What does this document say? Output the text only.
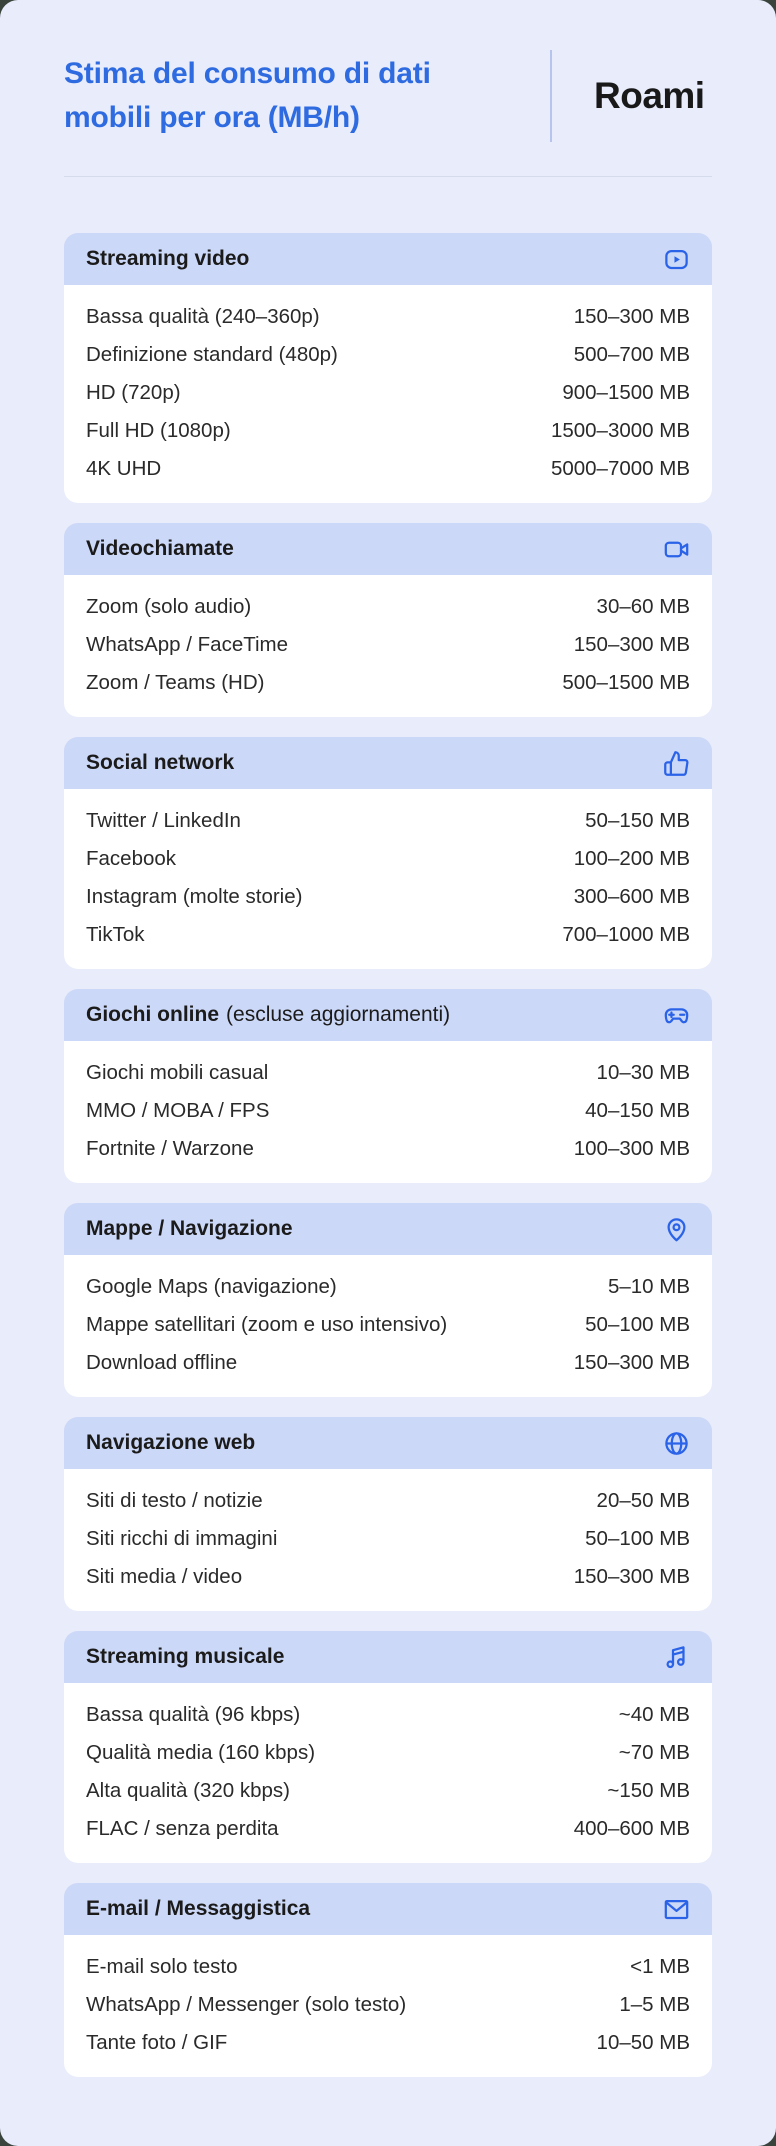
Stima del consumo di dati mobili per ora (MB/h)
Roami
Streaming video
Bassa qualità (240–360p)	150–300 MB
Definizione standard (480p)	500–700 MB
HD (720p)	900–1500 MB
Full HD (1080p)	1500–3000 MB
4K UHD	5000–7000 MB
Videochiamate
Zoom (solo audio)	30–60 MB
WhatsApp / FaceTime	150–300 MB
Zoom / Teams (HD)	500–1500 MB
Social network
Twitter / LinkedIn	50–150 MB
Facebook	100–200 MB
Instagram (molte storie)	300–600 MB
TikTok	700–1000 MB
Giochi online (escluse aggiornamenti)
Giochi mobili casual	10–30 MB
MMO / MOBA / FPS	40–150 MB
Fortnite / Warzone	100–300 MB
Mappe / Navigazione
Google Maps (navigazione)	5–10 MB
Mappe satellitari (zoom e uso intensivo)	50–100 MB
Download offline	150–300 MB
Navigazione web
Siti di testo / notizie	20–50 MB
Siti ricchi di immagini	50–100 MB
Siti media / video	150–300 MB
Streaming musicale
Bassa qualità (96 kbps)	~40 MB
Qualità media (160 kbps)	~70 MB
Alta qualità (320 kbps)	~150 MB
FLAC / senza perdita	400–600 MB
E-mail / Messaggistica
E-mail solo testo	<1 MB
WhatsApp / Messenger (solo testo)	1–5 MB
Tante foto / GIF	10–50 MB
